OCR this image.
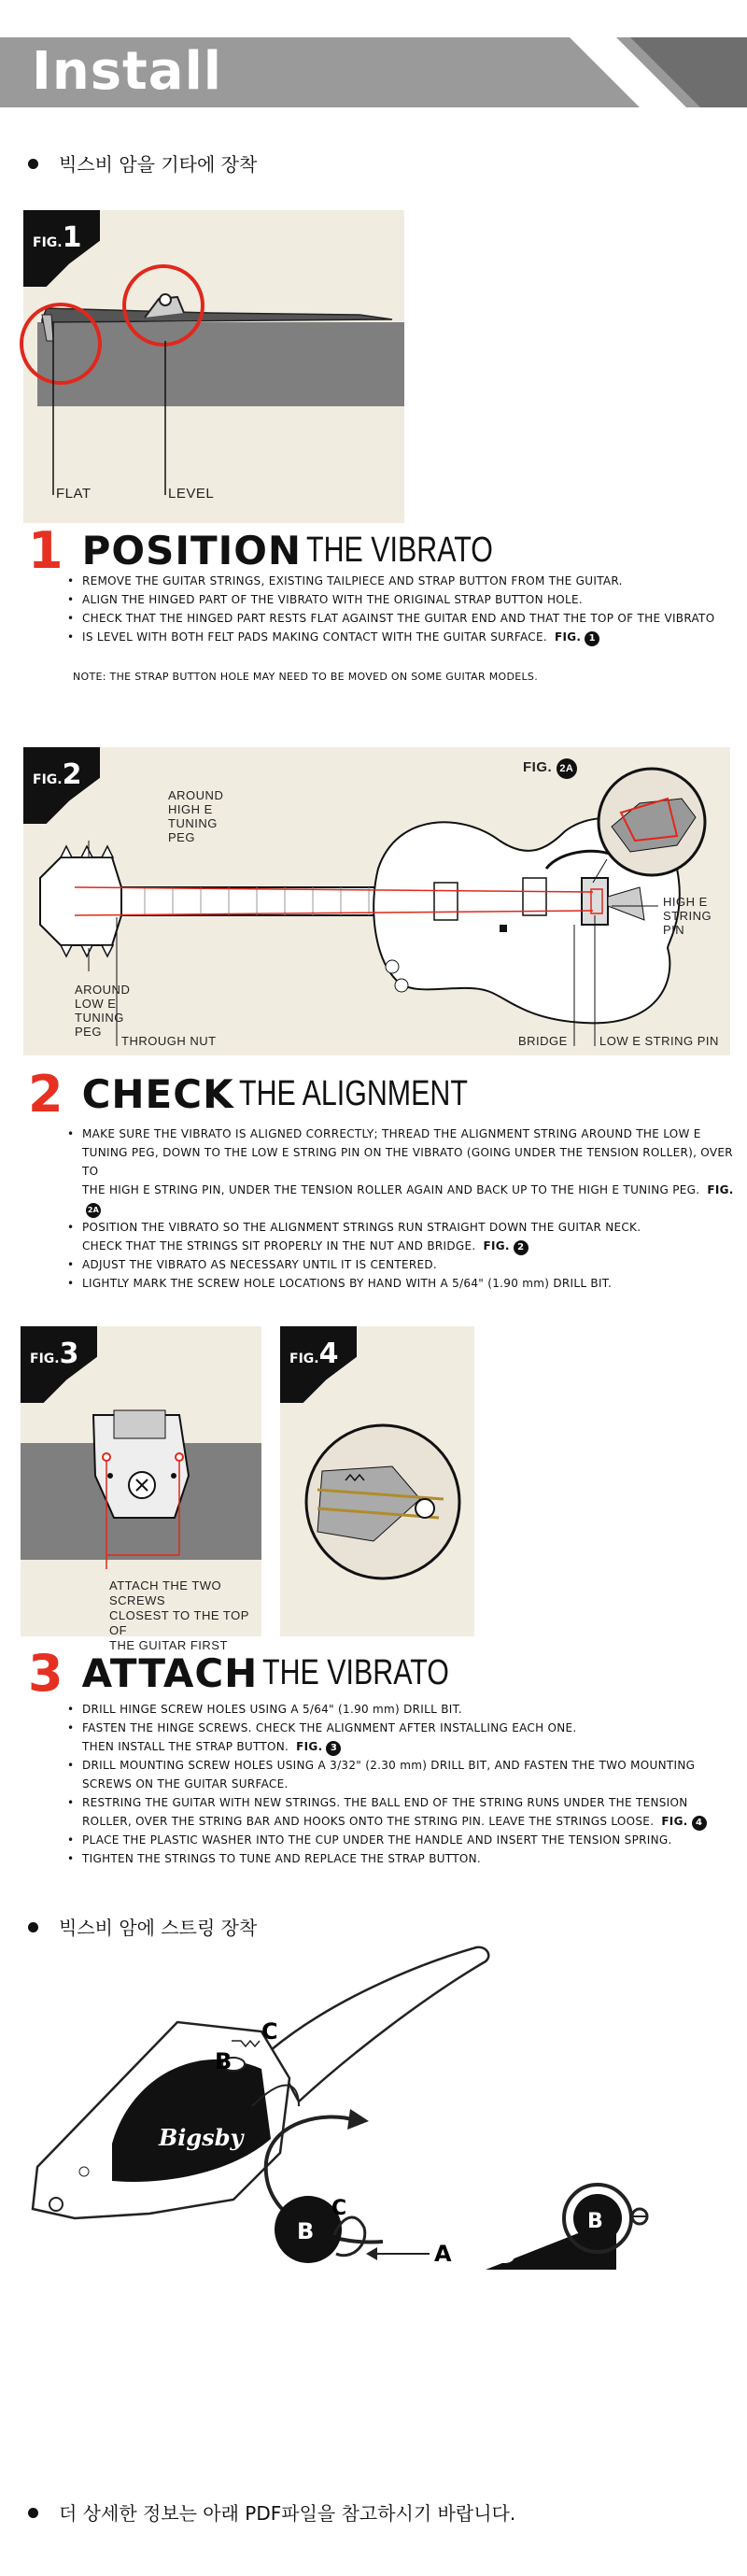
Install
빅스비 암을 기타에 장착
FIG.1
FLAT	LEVEL
1 POSITION THE VIBRATO
• REMOVE THE GUITAR STRINGS, EXISTING TAILPIECE AND STRAP BUTTON FROM THE GUITAR.
• ALIGN THE HINGED PART OF THE VIBRATO WITH THE ORIGINAL STRAP BUTTON HOLE.
• CHECK THAT THE HINGED PART RESTS FLAT AGAINST THE GUITAR END AND THAT THE TOP OF THE VIBRATO
• IS LEVEL WITH BOTH FELT PADS MAKING CONTACT WITH THE GUITAR SURFACE. FIG. 1
NOTE: THE STRAP BUTTON HOLE MAY NEED TO BE MOVED ON SOME GUITAR MODELS.
FIG.2	FIG. 2A
AROUND
HIGH E
TUNING
PEG
AROUND
LOW E
TUNING
PEG
THROUGH NUT	BRIDGE	LOW E STRING PIN
HIGH E
STRING
PIN
2 CHECK THE ALIGNMENT
• MAKE SURE THE VIBRATO IS ALIGNED CORRECTLY; THREAD THE ALIGNMENT STRING AROUND THE LOW E
TUNING PEG, DOWN TO THE LOW E STRING PIN ON THE VIBRATO (GOING UNDER THE TENSION ROLLER), OVER TO
THE HIGH E STRING PIN, UNDER THE TENSION ROLLER AGAIN AND BACK UP TO THE HIGH E TUNING PEG. FIG.2A
• POSITION THE VIBRATO SO THE ALIGNMENT STRINGS RUN STRAIGHT DOWN THE GUITAR NECK.
CHECK THAT THE STRINGS SIT PROPERLY IN THE NUT AND BRIDGE. FIG. 2
• ADJUST THE VIBRATO AS NECESSARY UNTIL IT IS CENTERED.
• LIGHTLY MARK THE SCREW HOLE LOCATIONS BY HAND WITH A 5/64" (1.90 mm) DRILL BIT.
FIG.3
ATTACH THE TWO SCREWS
CLOSEST TO THE TOP OF
THE GUITAR FIRST
FIG.4
3 ATTACH THE VIBRATO
• DRILL HINGE SCREW HOLES USING A 5/64" (1.90 mm) DRILL BIT.
• FASTEN THE HINGE SCREWS. CHECK THE ALIGNMENT AFTER INSTALLING EACH ONE.
THEN INSTALL THE STRAP BUTTON. FIG. 3
• DRILL MOUNTING SCREW HOLES USING A 3/32" (2.30 mm) DRILL BIT, AND FASTEN THE TWO MOUNTING
SCREWS ON THE GUITAR SURFACE.
• RESTRING THE GUITAR WITH NEW STRINGS. THE BALL END OF THE STRING RUNS UNDER THE TENSION
ROLLER, OVER THE STRING BAR AND HOOKS ONTO THE STRING PIN. LEAVE THE STRINGS LOOSE. FIG. 4
• PLACE THE PLASTIC WASHER INTO THE CUP UNDER THE HANDLE AND INSERT THE TENSION SPRING.
• TIGHTEN THE STRINGS TO TUNE AND REPLACE THE STRAP BUTTON.
빅스비 암에 스트링 장착
Bigsby
B
C
B
C
A D
B
더 상세한 정보는 아래 PDF파일을 참고하시기 바랍니다.
